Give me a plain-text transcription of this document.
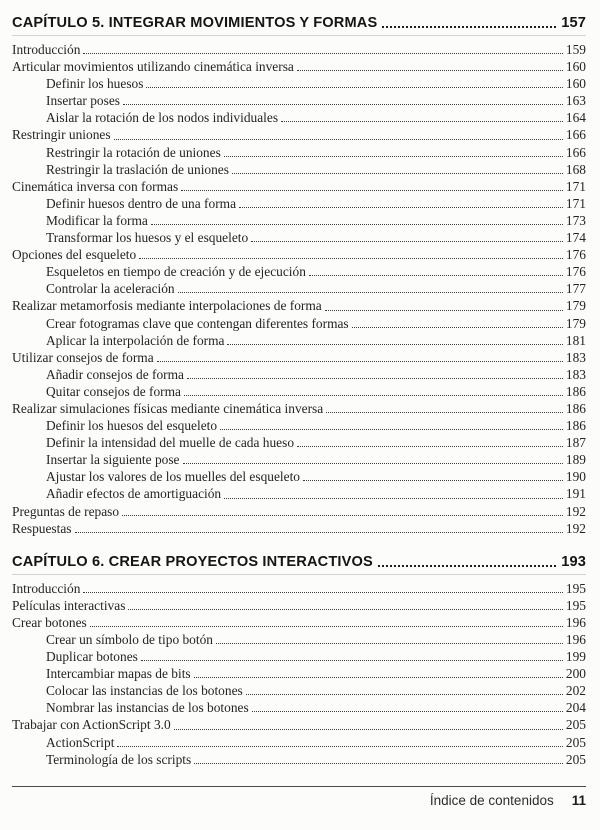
CAPÍTULO 5. INTEGRAR MOVIMIENTOS Y FORMAS	157
Introducción	159
Articular movimientos utilizando cinemática inversa	160
Definir los huesos	160
Insertar poses	163
Aislar la rotación de los nodos individuales	164
Restringir uniones	166
Restringir la rotación de uniones	166
Restringir la traslación de uniones	168
Cinemática inversa con formas	171
Definir huesos dentro de una forma	171
Modificar la forma	173
Transformar los huesos y el esqueleto	174
Opciones del esqueleto	176
Esqueletos en tiempo de creación y de ejecución	176
Controlar la aceleración	177
Realizar metamorfosis mediante interpolaciones de forma	179
Crear fotogramas clave que contengan diferentes formas	179
Aplicar la interpolación de forma	181
Utilizar consejos de forma	183
Añadir consejos de forma	183
Quitar consejos de forma	186
Realizar simulaciones físicas mediante cinemática inversa	186
Definir los huesos del esqueleto	186
Definir la intensidad del muelle de cada hueso	187
Insertar la siguiente pose	189
Ajustar los valores de los muelles del esqueleto	190
Añadir efectos de amortiguación	191
Preguntas de repaso	192
Respuestas	192
CAPÍTULO 6. CREAR PROYECTOS INTERACTIVOS	193
Introducción	195
Películas interactivas	195
Crear botones	196
Crear un símbolo de tipo botón	196
Duplicar botones	199
Intercambiar mapas de bits	200
Colocar las instancias de los botones	202
Nombrar las instancias de los botones	204
Trabajar con ActionScript 3.0	205
ActionScript	205
Terminología de los scripts	205
Índice de contenidos 11
